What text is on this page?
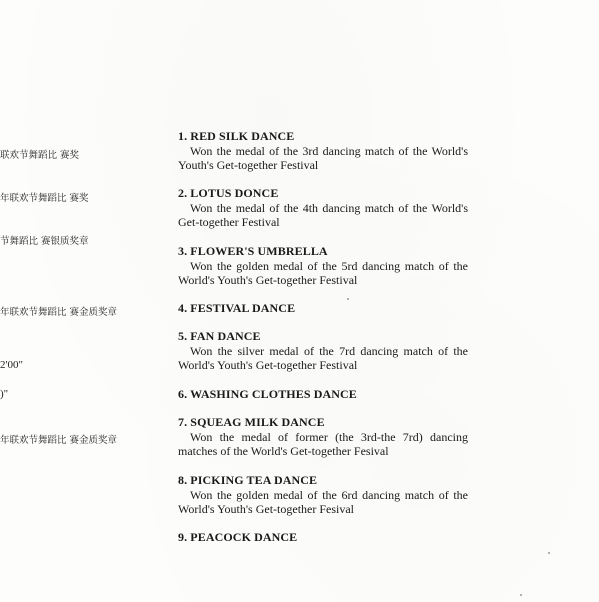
联欢节舞蹈比 赛奖
年联欢节舞蹈比 赛奖
节舞蹈比 赛银质奖章
年联欢节舞蹈比 赛金质奖章
2'00"
)"
年联欢节舞蹈比 赛金质奖章
1. RED SILK DANCE
Won the medal of the 3rd dancing match of the World's Youth's Get-together Festival
2. LOTUS DONCE
Won the medal of the 4th dancing match of the World's Get-together Festival
3. FLOWER'S UMBRELLA
Won the golden medal of the 5rd dancing match of the World's Youth's Get-together Festival
4. FESTIVAL DANCE
5. FAN DANCE
Won the silver medal of the 7rd dancing match of the World's Youth's Get-together Festival
6. WASHING CLOTHES DANCE
7. SQUEAG MILK DANCE
Won the medal of former (the 3rd-the 7rd) dancing matches of the World's Get-together Fesival
8. PICKING TEA DANCE
Won the golden medal of the 6rd dancing match of the World's Youth's Get-together Fesival
9. PEACOCK DANCE
